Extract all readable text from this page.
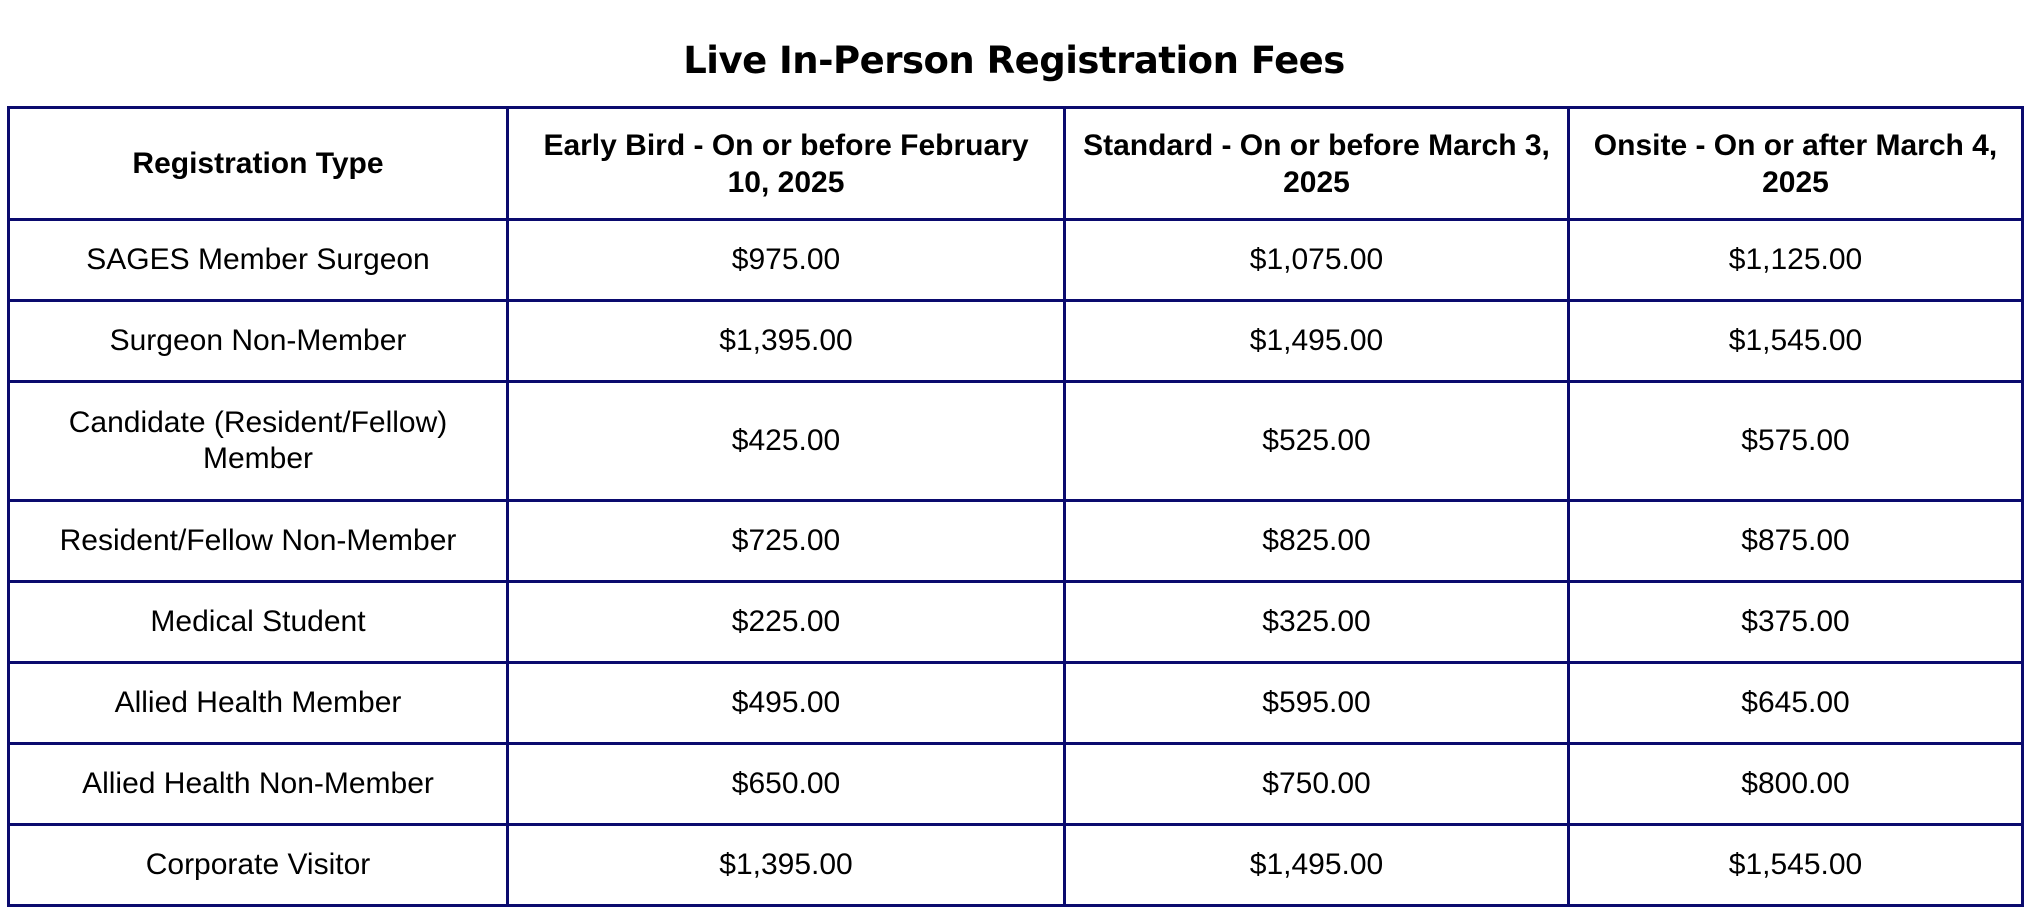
Live In-Person Registration Fees
Registration Type	Early Bird - On or before February 10, 2025	Standard - On or before March 3, 2025	Onsite - On or after March 4, 2025
SAGES Member Surgeon	$975.00	$1,075.00	$1,125.00
Surgeon Non-Member	$1,395.00	$1,495.00	$1,545.00
Candidate (Resident/Fellow) Member	$425.00	$525.00	$575.00
Resident/Fellow Non-Member	$725.00	$825.00	$875.00
Medical Student	$225.00	$325.00	$375.00
Allied Health Member	$495.00	$595.00	$645.00
Allied Health Non-Member	$650.00	$750.00	$800.00
Corporate Visitor	$1,395.00	$1,495.00	$1,545.00
